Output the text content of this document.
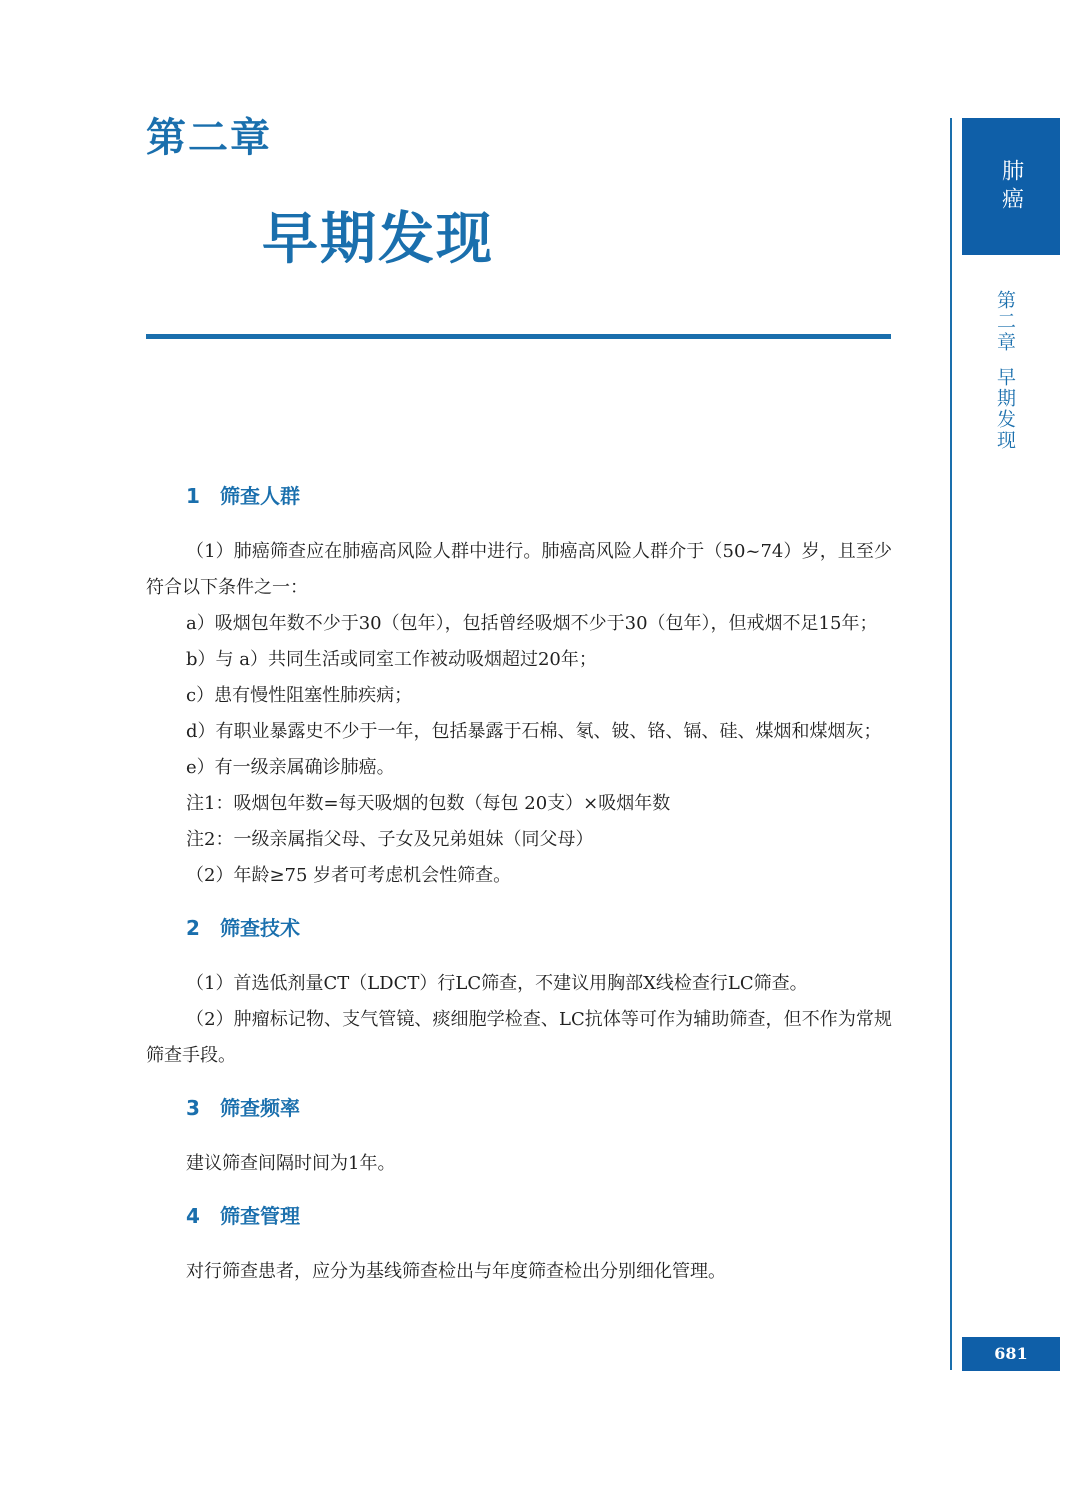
第二章
早期发现
肺癌
第二章早期发现
681
1	筛查人群

（1）肺癌筛查应在肺癌高风险人群中进行。肺癌高风险人群介于（50~74）岁，且至少符合以下条件之一：

a）吸烟包年数不少于30（包年），包括曾经吸烟不少于30（包年），但戒烟不足15年；

b）与 a）共同生活或同室工作被动吸烟超过20年；

c）患有慢性阻塞性肺疾病；

d）有职业暴露史不少于一年，包括暴露于石棉、氡、铍、铬、镉、硅、煤烟和煤烟灰；

e）有一级亲属确诊肺癌。

注1：吸烟包年数=每天吸烟的包数（每包 20支）×吸烟年数

注2：一级亲属指父母、子女及兄弟姐妹（同父母）

（2）年龄≥75 岁者可考虑机会性筛查。

2	筛查技术

（1）首选低剂量CT（LDCT）行LC筛查，不建议用胸部X线检查行LC筛查。

（2）肿瘤标记物、支气管镜、痰细胞学检查、LC抗体等可作为辅助筛查，但不作为常规筛查手段。

3	筛查频率

建议筛查间隔时间为1年。

4	筛查管理

对行筛查患者，应分为基线筛查检出与年度筛查检出分别细化管理。
